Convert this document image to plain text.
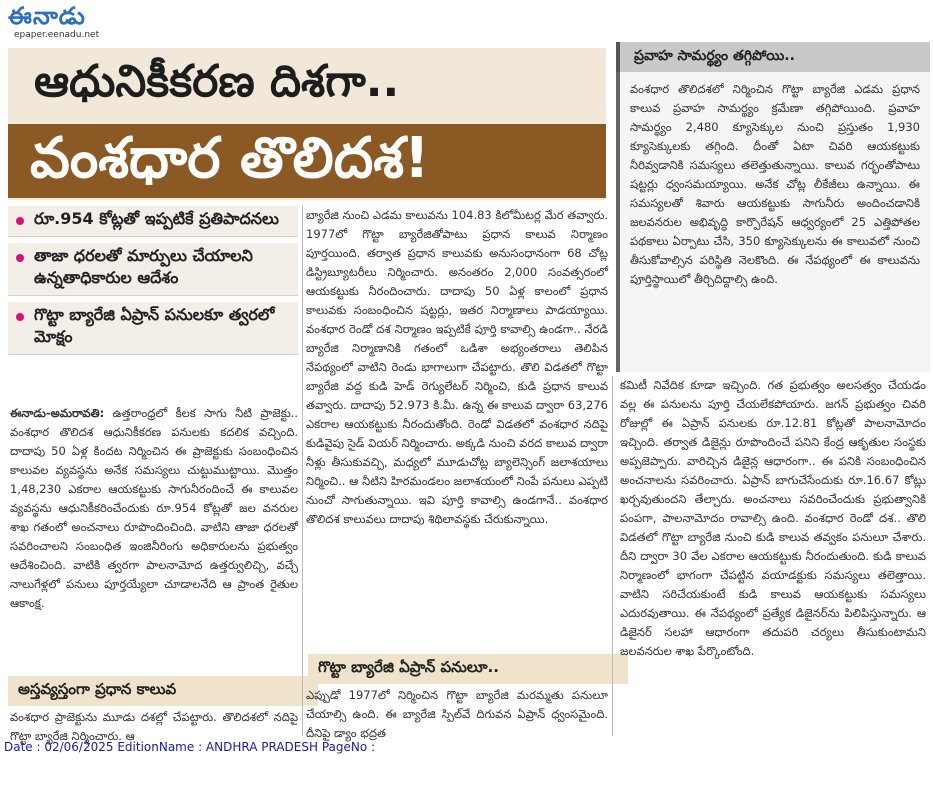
ఈనాడు
epaper.eenadu.net
ఆధునికీకరణ దిశగా..
వంశధార తొలిదశ!
రూ.954 కోట్లతో ఇప్పటికే ప్రతిపాదనలు
తాజా ధరలతో మార్పులు చేయాలని ఉన్నతాధికారుల ఆదేశం
గొట్టా బ్యారేజి ఏప్రాన్ పనులకూ త్వరలో మోక్షం
ఈనాడు-అమరావతి: ఉత్తరాంధ్రలో కీలక సాగు నీటి ప్రాజెక్టు.. వంశధార తొలిదశ ఆధునికీకరణ పనులకు కదలిక వచ్చింది. దాదాపు 50 ఏళ్ల కిందట నిర్మించిన ఈ ప్రాజెక్టుకు సంబంధించిన కాలువల వ్యవస్థను అనేక సమస్యలు చుట్టుముట్టాయి. మొత్తం 1,48,230 ఎకరాల ఆయకట్టుకు సాగునీరందించే ఈ కాలువల వ్యవస్థను ఆధునికీకరించేందుకు రూ.954 కోట్లతో జల వనరుల శాఖ గతంలో అంచనాలు రూపొందించింది. వాటిని తాజా ధరలతో సవరించాలని సంబంధిత ఇంజినీరింగు అధికారులను ప్రభుత్వం ఆదేశించింది. వాటికి త్వరగా పాలనామోద ఉత్తర్వులిచ్చి, వచ్చే నాలుగేళ్లలో పనులు పూర్తయ్యేలా చూడాలనేది ఆ ప్రాంత రైతుల ఆకాంక్ష.
అస్తవ్యస్తంగా ప్రధాన కాలువ
వంశధార ప్రాజెక్టును మూడు దశల్లో చేపట్టారు. తొలిదశలో నదిపై గొట్టా బ్యారేజి నిర్మించారు. ఆ
బ్యారేజి నుంచి ఎడమ కాలువను 104.83 కిలోమీటర్ల మేర తవ్వారు. 1977లో గొట్టా బ్యారేజితోపాటు ప్రధాన కాలువ నిర్మాణం పూర్తయింది. తర్వాత ప్రధాన కాలువకు అనుసంధానంగా 68 చోట్ల డిస్ట్రిబ్యూటరీలు నిర్మించారు. అనంతరం 2,000 సంవత్సరంలో ఆయకట్టుకు నీరందించారు. దాదాపు 50 ఏళ్ల కాలంలో ప్రధాన కాలువకు సంబంధించిన షట్టర్లు, ఇతర నిర్మాణాలు పాడయ్యాయి. వంశధార రెండో దశ నిర్మాణం ఇప్పటికే పూర్తి కావాల్సి ఉండగా.. నేరడి బ్యారేజి నిర్మాణానికి గతంలో ఒడిశా అభ్యంతరాలు తెలిపిన నేపథ్యంలో వాటిని రెండు భాగాలుగా చేపట్టారు. తొలి విడతలో గొట్టా బ్యారేజి వద్ద కుడి హెడ్ రెగ్యులేటర్ నిర్మించి, కుడి ప్రధాన కాలువ తవ్వారు. దాదాపు 52.973 కి.మీ. ఉన్న ఈ కాలువ ద్వారా 63,276 ఎకరాల ఆయకట్టుకు నీరందుతోంది. రెండో విడతలో వంశధార నదిపై కుడివైపు సైడ్ వియర్ నిర్మించారు. అక్కడి నుంచి వరద కాలువ ద్వారా నీళ్లు తీసుకువచ్చి, మధ్యలో మూడుచోట్ల బ్యాలెన్సింగ్ జలాశయాలు నిర్మించి.. ఆ నీటిని హిరమండలం జలాశయంలో నింపే పనులు ఎప్పటి నుంచో సాగుతున్నాయి. ఇవి పూర్తి కావాల్సి ఉండగానే.. వంశధార తొలిదశ కాలువలు దాదాపు శిథిలావస్థకు చేరుకున్నాయి.
గొట్టా బ్యారేజి ఏప్రాన్ పనులూ..
ఎప్పుడో 1977లో నిర్మించిన గొట్టా బ్యారేజి మరమ్మతు పనులూ చేయాల్సి ఉంది. ఈ బ్యారేజి స్పిల్‌వే దిగువన ఏప్రాన్ ధ్వంసమైంది. దీనిపై డ్యాం భద్రత
ప్రవాహ సామర్థ్యం తగ్గిపోయి..
వంశధార తొలిదశలో నిర్మించిన గొట్టా బ్యారేజి ఎడమ ప్రధాన కాలువ ప్రవాహ సామర్థ్యం క్రమేణా తగ్గిపోయింది. ప్రవాహ సామర్థ్యం 2,480 క్యూసెక్కుల నుంచి ప్రస్తుతం 1,930 క్యూసెక్కులకు తగ్గింది. దీంతో ఏటా చివరి ఆయకట్టుకు నీరివ్వడానికి సమస్యలు తలెత్తుతున్నాయి. కాలువ గర్భంతోపాటు షట్టర్లు ధ్వంసమయ్యాయి. అనేక చోట్ల లీకేజీలు ఉన్నాయి. ఈ సమస్యలతో శివారు ఆయకట్టుకు సాగునీరు అందించడానికి జలవనరుల అభివృద్ధి కార్పొరేషన్ ఆధ్వర్యంలో 25 ఎత్తిపోతల పథకాలు ఏర్పాటు చేసి, 350 క్యూసెక్కులను ఈ కాలువలో నుంచి తీసుకోవాల్సిన పరిస్థితి నెలకొంది. ఈ నేపథ్యంలో ఈ కాలువను పూర్తిస్థాయిలో తీర్చిదిద్దాల్సి ఉంది.
కమిటీ నివేదిక కూడా ఇచ్చింది. గత ప్రభుత్వం అలసత్వం చేయడం వల్ల ఈ పనులను పూర్తి చేయలేకపోయారు. జగన్ ప్రభుత్వం చివరి రోజుల్లో ఈ ఏప్రాన్ పనులకు రూ.12.81 కోట్లతో పాలనామోదం ఇచ్చింది. తర్వాత డిజైన్లు రూపొందించే పనిని కేంద్ర ఆకృతుల సంస్థకు అప్పజెప్పారు. వారిచ్చిన డిజైన్ల ఆధారంగా.. ఈ పనికి సంబంధించిన అంచనాలను సవరించారు. ఏప్రాన్ బాగుచేసేందుకు రూ.16.67 కోట్లు ఖర్చవుతుందని తేల్చారు. అంచనాలు సవరించేందుకు ప్రభుత్వానికి పంపగా, పాలనామోదం రావాల్సి ఉంది. వంశధార రెండో దశ.. తొలి విడతలో గొట్టా బ్యారేజి నుంచి కుడి కాలువ తవ్వకం పనులూ చేశారు. దీని ద్వారా 30 వేల ఎకరాల ఆయకట్టుకు నీరందుతుంది. కుడి కాలువ నిర్మాణంలో భాగంగా చేపట్టిన వయాడక్టుకు సమస్యలు తలెత్తాయి. వాటిని సరిచేయకుంటే కుడి కాలువ ఆయకట్టుకు సమస్యలు ఎదురవుతాయి. ఈ నేపథ్యంలో ప్రత్యేక డిజైనర్‌ను పిలిపిస్తున్నారు. ఆ డిజైనర్ సలహా ఆధారంగా తదుపరి చర్యలు తీసుకుంటామని జలవనరుల శాఖ పేర్కొంటోంది.
Date : 02/06/2025 EditionName : ANDHRA PRADESH PageNo :
